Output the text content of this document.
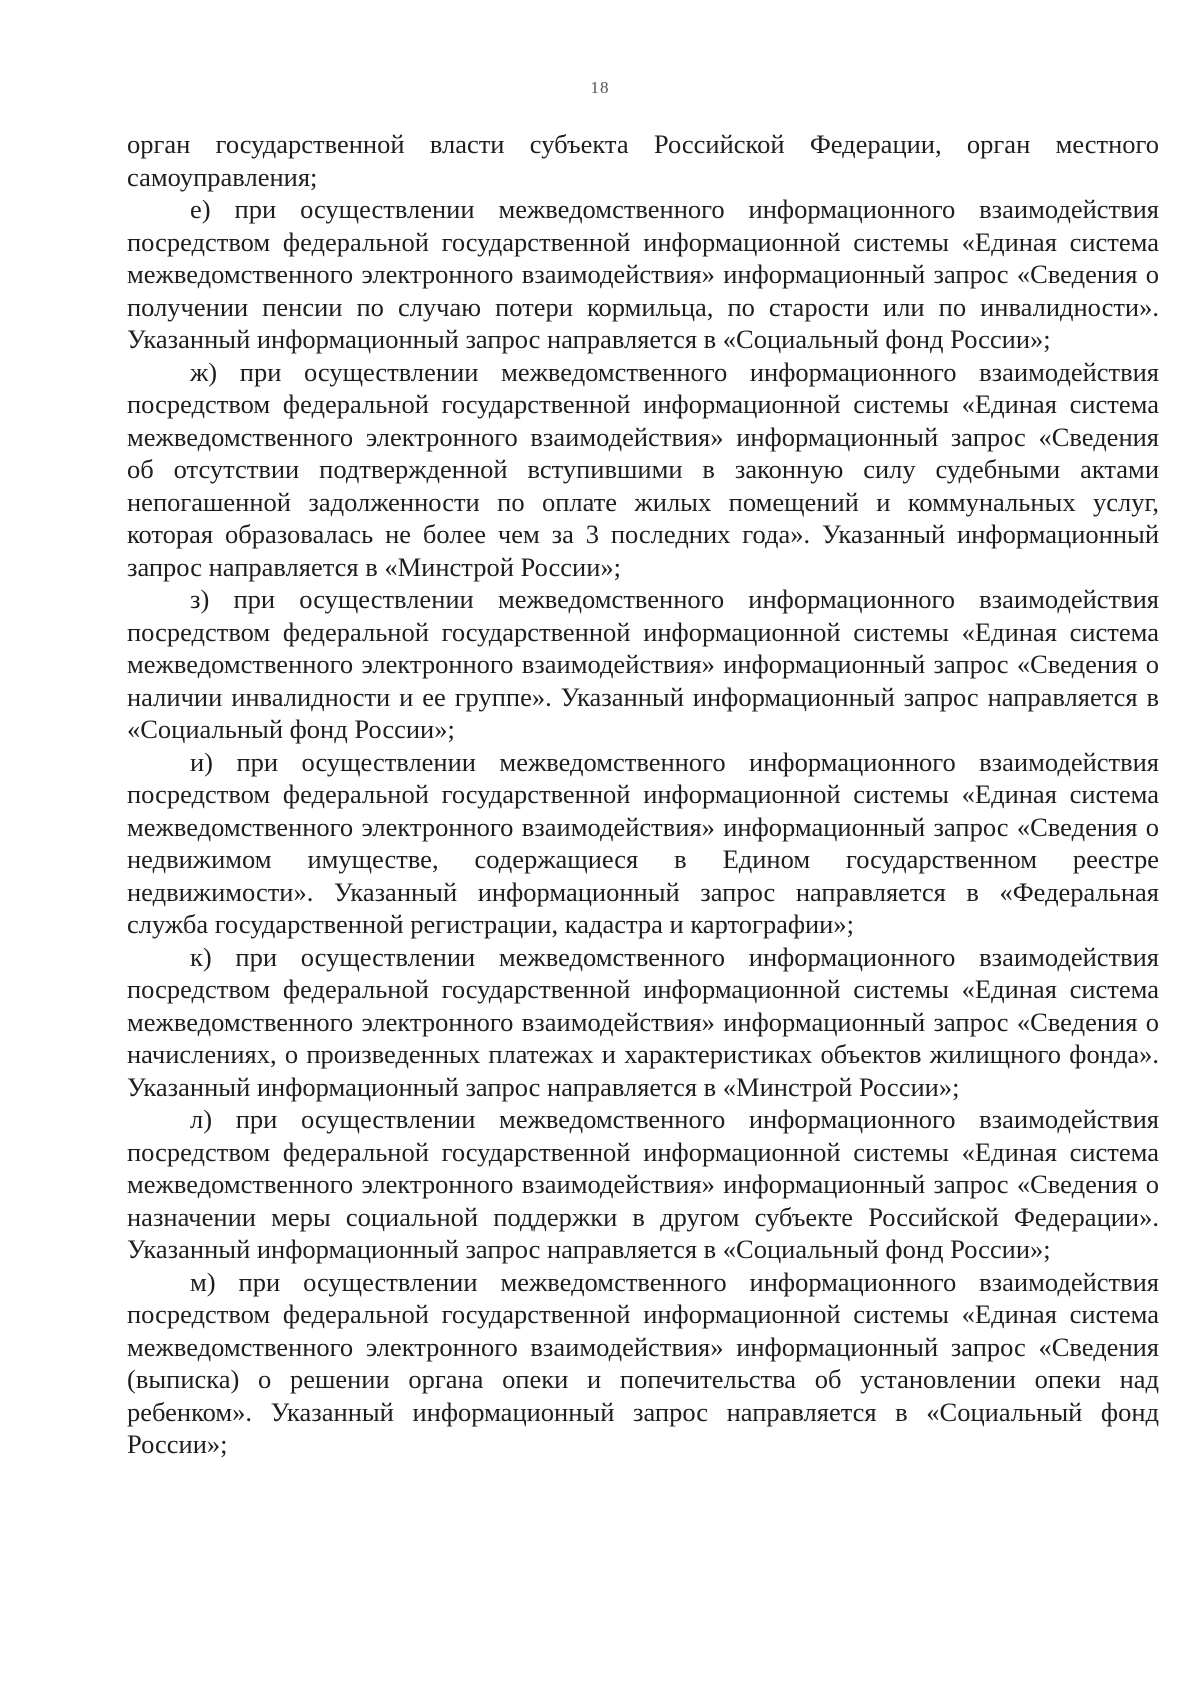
18

орган государственной власти субъекта Российской Федерации, орган местного самоуправления;

е) при осуществлении межведомственного информационного взаимодействия посредством федеральной государственной информационной системы «Единая система межведомственного электронного взаимодействия» информационный запрос «Сведения о получении пенсии по случаю потери кормильца, по старости или по инвалидности». Указанный информационный запрос направляется в «Социальный фонд России»;

ж) при осуществлении межведомственного информационного взаимодействия посредством федеральной государственной информационной системы «Единая система межведомственного электронного взаимодействия» информационный запрос «Сведения об отсутствии подтвержденной вступившими в законную силу судебными актами непогашенной задолженности по оплате жилых помещений и коммунальных услуг, которая образовалась не более чем за 3 последних года». Указанный информационный запрос направляется в «Минстрой России»;

з) при осуществлении межведомственного информационного взаимодействия посредством федеральной государственной информационной системы «Единая система межведомственного электронного взаимодействия» информационный запрос «Сведения о наличии инвалидности и ее группе». Указанный информационный запрос направляется в «Социальный фонд России»;

и) при осуществлении межведомственного информационного взаимодействия посредством федеральной государственной информационной системы «Единая система межведомственного электронного взаимодействия» информационный запрос «Сведения о недвижимом имуществе, содержащиеся в Едином государственном реестре недвижимости». Указанный информационный запрос направляется в «Федеральная служба государственной регистрации, кадастра и картографии»;

к) при осуществлении межведомственного информационного взаимодействия посредством федеральной государственной информационной системы «Единая система межведомственного электронного взаимодействия» информационный запрос «Сведения о начислениях, о произведенных платежах и характеристиках объектов жилищного фонда». Указанный информационный запрос направляется в «Минстрой России»;

л) при осуществлении межведомственного информационного взаимодействия посредством федеральной государственной информационной системы «Единая система межведомственного электронного взаимодействия» информационный запрос «Сведения о назначении меры социальной поддержки в другом субъекте Российской Федерации». Указанный информационный запрос направляется в «Социальный фонд России»;

м) при осуществлении межведомственного информационного взаимодействия посредством федеральной государственной информационной системы «Единая система межведомственного электронного взаимодействия» информационный запрос «Сведения (выписка) о решении органа опеки и попечительства об установлении опеки над ребенком». Указанный информационный запрос направляется в «Социальный фонд России»;
